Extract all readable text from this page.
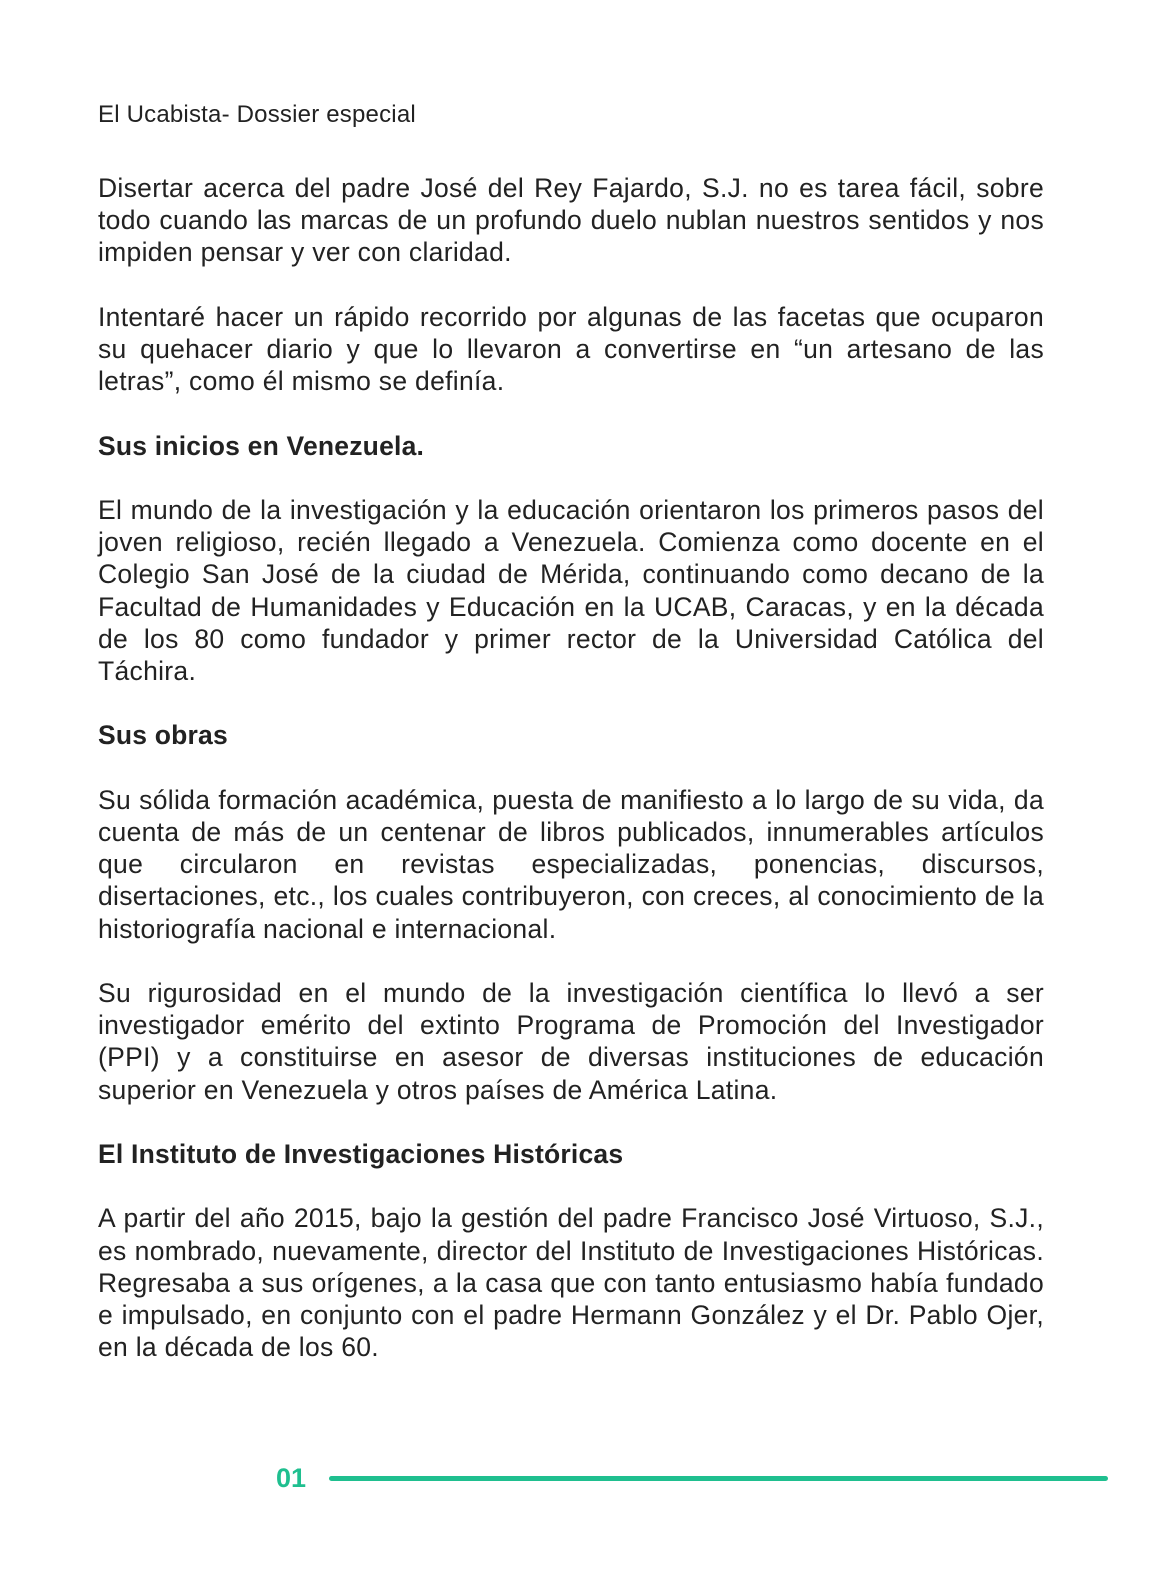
El Ucabista- Dossier especial

Disertar acerca del padre José del Rey Fajardo, S.J. no es tarea fácil, sobre todo cuando las marcas de un profundo duelo nublan nuestros sentidos y nos impiden pensar y ver con claridad.

Intentaré hacer un rápido recorrido por algunas de las facetas que ocuparon su quehacer diario y que lo llevaron a convertirse en “un artesano de las letras”, como él mismo se definía.

Sus inicios en Venezuela.

El mundo de la investigación y la educación orientaron los primeros pasos del joven religioso, recién llegado a Venezuela. Comienza como docente en el Colegio San José de la ciudad de Mérida, continuando como decano de la Facultad de Humanidades y Educación en la UCAB, Caracas, y en la década de los 80 como fundador y primer rector de la Universidad Católica del Táchira.

Sus obras

Su sólida formación académica, puesta de manifiesto a lo largo de su vida, da cuenta de más de un centenar de libros publicados, innumerables artículos que circularon en revistas especializadas, ponencias, discursos, disertaciones, etc., los cuales contribuyeron, con creces, al conocimiento de la historiografía nacional e internacional.

Su rigurosidad en el mundo de la investigación científica lo llevó a ser investigador emérito del extinto Programa de Promoción del Investigador (PPI) y a constituirse en asesor de diversas instituciones de educación superior en Venezuela y otros países de América Latina.

El Instituto de Investigaciones Históricas

A partir del año 2015, bajo la gestión del padre Francisco José Virtuoso, S.J., es nombrado, nuevamente, director del Instituto de Investigaciones Históricas. Regresaba a sus orígenes, a la casa que con tanto entusiasmo había fundado e impulsado, en conjunto con el padre Hermann González y el Dr. Pablo Ojer, en la década de los 60.

01
